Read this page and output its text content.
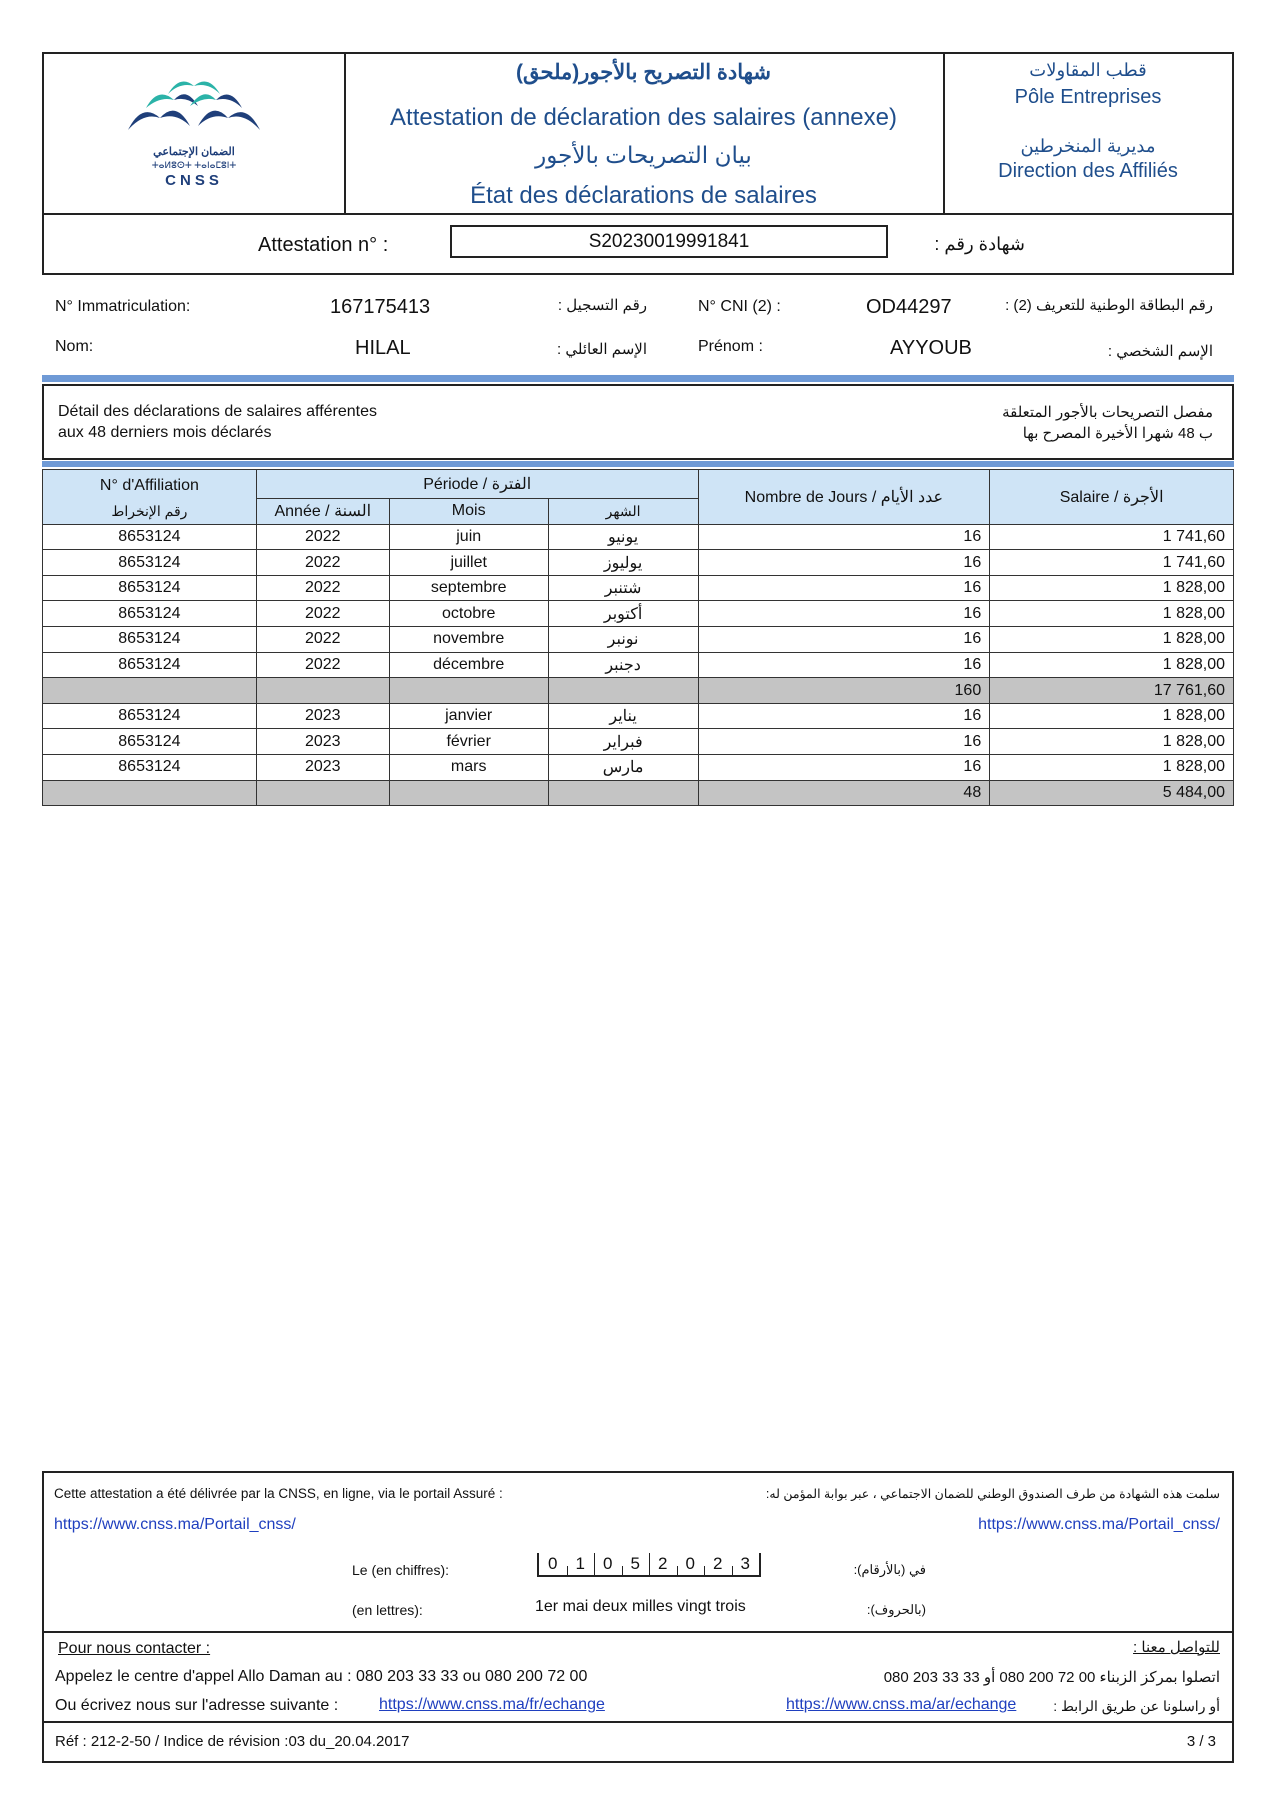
الضمان الإجتماعي
ⵜⴰⵍⵓⵙⵜ ⵜⴰⵏⴰⵎⵓⵏⵜ
CNSS
شهادة التصريح بالأجور(ملحق)
Attestation de déclaration des salaires (annexe)
بيان التصريحات بالأجور
État des déclarations de salaires
قطب المقاولات
Pôle Entreprises
مديرية المنخرطين
Direction des Affiliés
Attestation n° :	S20230019991841	شهادة رقم :
N° Immatriculation:	167175413	رقم التسجيل :	N° CNI (2) :	OD44297	رقم البطاقة الوطنية للتعريف (2) :
Nom:	HILAL	الإسم العائلي :	Prénom :	AYYOUB	الإسم الشخصي :
Détail des déclarations de salaires afférentes
aux 48 derniers mois déclarés
مفصل التصريحات بالأجور المتعلقة
ب 48 شهرا الأخيرة المصرح بها
N° d'Affiliation	Période / الفترة			Nombre de Jours / عدد الأيام	Salaire / الأجرة
رقم الإنخراط	Année / السنة	Mois	الشهر		
8653124	2022	juin	يونيو	16	1 741,60
8653124	2022	juillet	يوليوز	16	1 741,60
8653124	2022	septembre	شتنبر	16	1 828,00
8653124	2022	octobre	أكتوبر	16	1 828,00
8653124	2022	novembre	نونبر	16	1 828,00
8653124	2022	décembre	دجنبر	16	1 828,00
				160	17 761,60
8653124	2023	janvier	يناير	16	1 828,00
8653124	2023	février	فبراير	16	1 828,00
8653124	2023	mars	مارس	16	1 828,00
				48	5 484,00
Cette attestation a été délivrée par la CNSS, en ligne, via le portail Assuré :	سلمت هذه الشهادة من طرف الصندوق الوطني للضمان الاجتماعي ، عبر بوابة المؤمن له:
https://www.cnss.ma/Portail_cnss/	https://www.cnss.ma/Portail_cnss/
Le (en chiffres):	0	1	0	5	2	0	2	3	في (بالأرقام):
(en lettres):	1er mai deux milles vingt trois	(بالحروف):
Pour nous contacter :	للتواصل معنا :
Appelez le centre d'appel Allo Daman au : 080 203 33 33 ou 080 200 72 00	اتصلوا بمركز الزبناء 00 72 200 080 أو 33 33 203 080
Ou écrivez nous sur l'adresse suivante :	https://www.cnss.ma/fr/echange	https://www.cnss.ma/ar/echange	أو راسلونا عن طريق الرابط :
Réf : 212-2-50 / Indice de révision :03 du_20.04.2017	3 / 3
